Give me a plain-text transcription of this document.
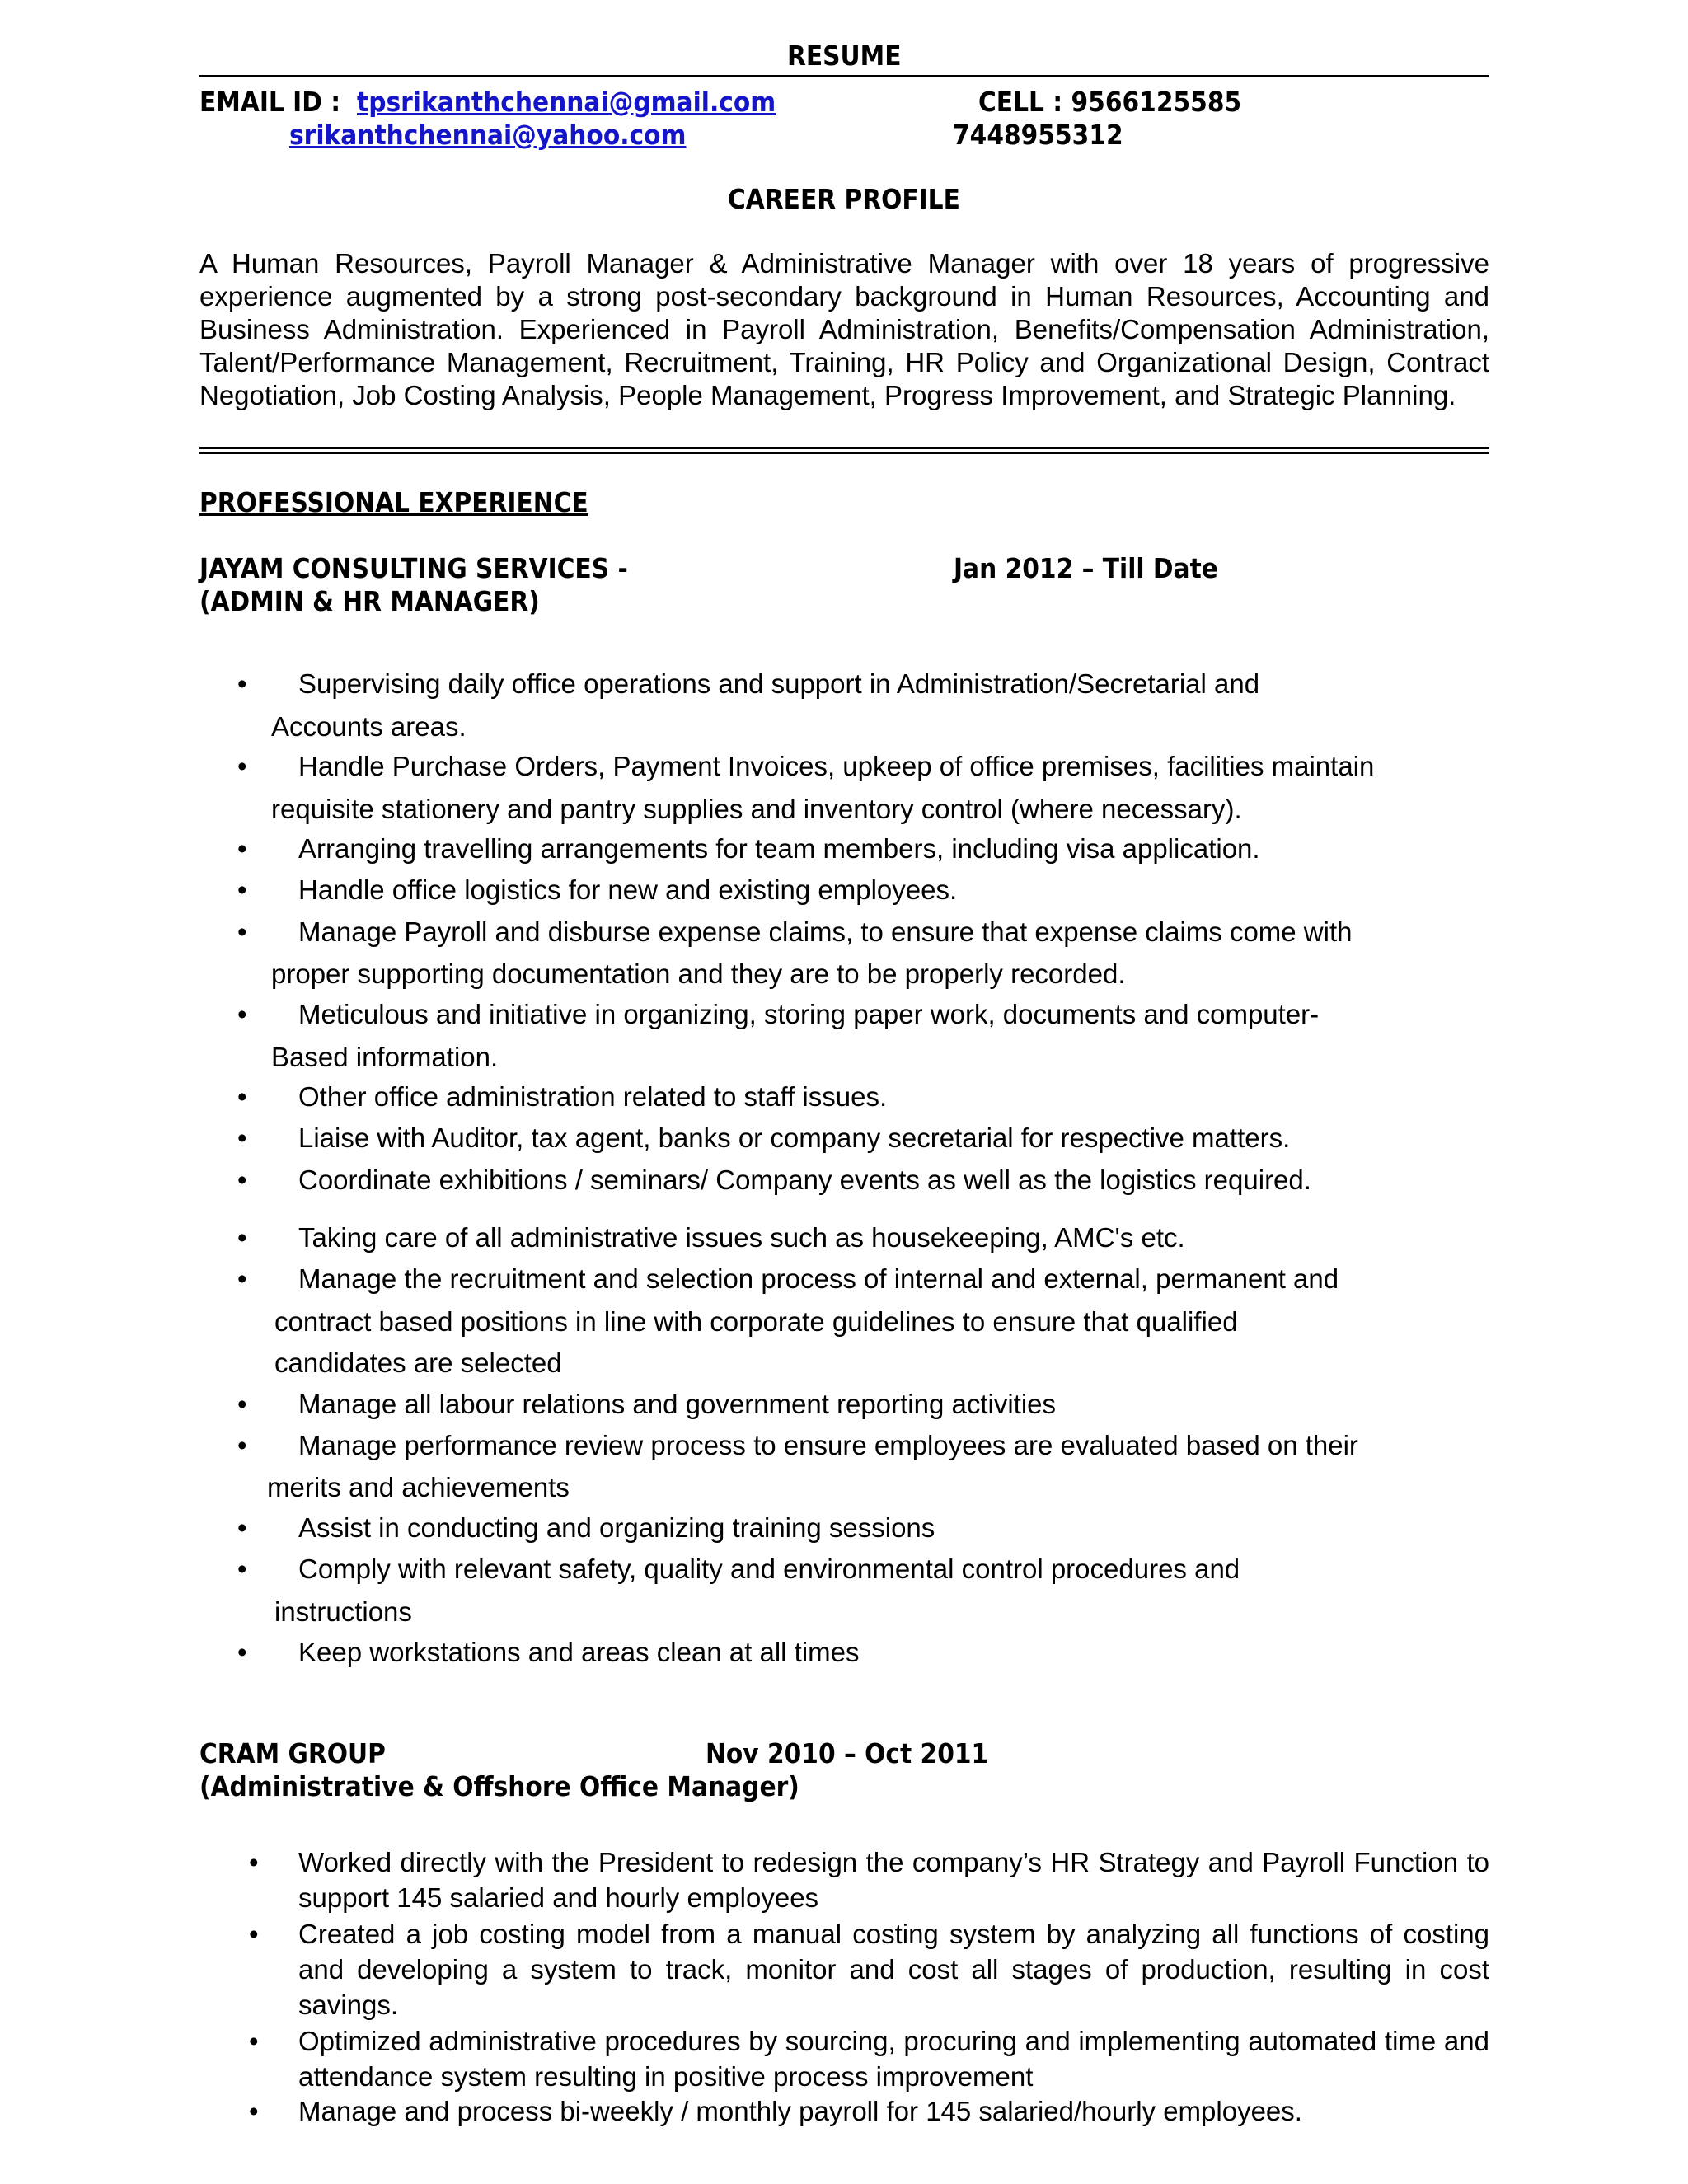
RESUME
EMAIL ID : tpsrikanthchennai@gmail.com
srikanthchennai@yahoo.com
CELL : 9566125585
7448955312
CAREER PROFILE
A Human Resources, Payroll Manager & Administrative Manager with over 18 years of progressive experience augmented by a strong post-secondary background in Human Resources, Accounting and Business Administration. Experienced in Payroll Administration, Benefits/Compensation Administration, Talent/Performance Management, Recruitment, Training, HR Policy and Organizational Design, Contract Negotiation, Job Costing Analysis, People Management, Progress Improvement, and Strategic Planning.
PROFESSIONAL EXPERIENCE
JAYAM CONSULTING SERVICES -	Jan 2012 – Till Date
(ADMIN & HR MANAGER)
• Supervising daily office operations and support in Administration/Secretarial and
Accounts areas.
• Handle Purchase Orders, Payment Invoices, upkeep of office premises, facilities maintain
requisite stationery and pantry supplies and inventory control (where necessary).
• Arranging travelling arrangements for team members, including visa application.
• Handle office logistics for new and existing employees.
• Manage Payroll and disburse expense claims, to ensure that expense claims come with
proper supporting documentation and they are to be properly recorded.
• Meticulous and initiative in organizing, storing paper work, documents and computer-
Based information.
• Other office administration related to staff issues.
• Liaise with Auditor, tax agent, banks or company secretarial for respective matters.
• Coordinate exhibitions / seminars/ Company events as well as the logistics required.
• Taking care of all administrative issues such as housekeeping, AMC's etc.
• Manage the recruitment and selection process of internal and external, permanent and
contract based positions in line with corporate guidelines to ensure that qualified
candidates are selected
• Manage all labour relations and government reporting activities
• Manage performance review process to ensure employees are evaluated based on their
merits and achievements
• Assist in conducting and organizing training sessions
• Comply with relevant safety, quality and environmental control procedures and
instructions
• Keep workstations and areas clean at all times
CRAM GROUP	Nov 2010 – Oct 2011
(Administrative & Offshore Office Manager)
• Worked directly with the President to redesign the company’s HR Strategy and Payroll Function to support 145 salaried and hourly employees
• Created a job costing model from a manual costing system by analyzing all functions of costing and developing a system to track, monitor and cost all stages of production, resulting in cost savings.
• Optimized administrative procedures by sourcing, procuring and implementing automated time and attendance system resulting in positive process improvement
• Manage and process bi-weekly / monthly payroll for 145 salaried/hourly employees.
